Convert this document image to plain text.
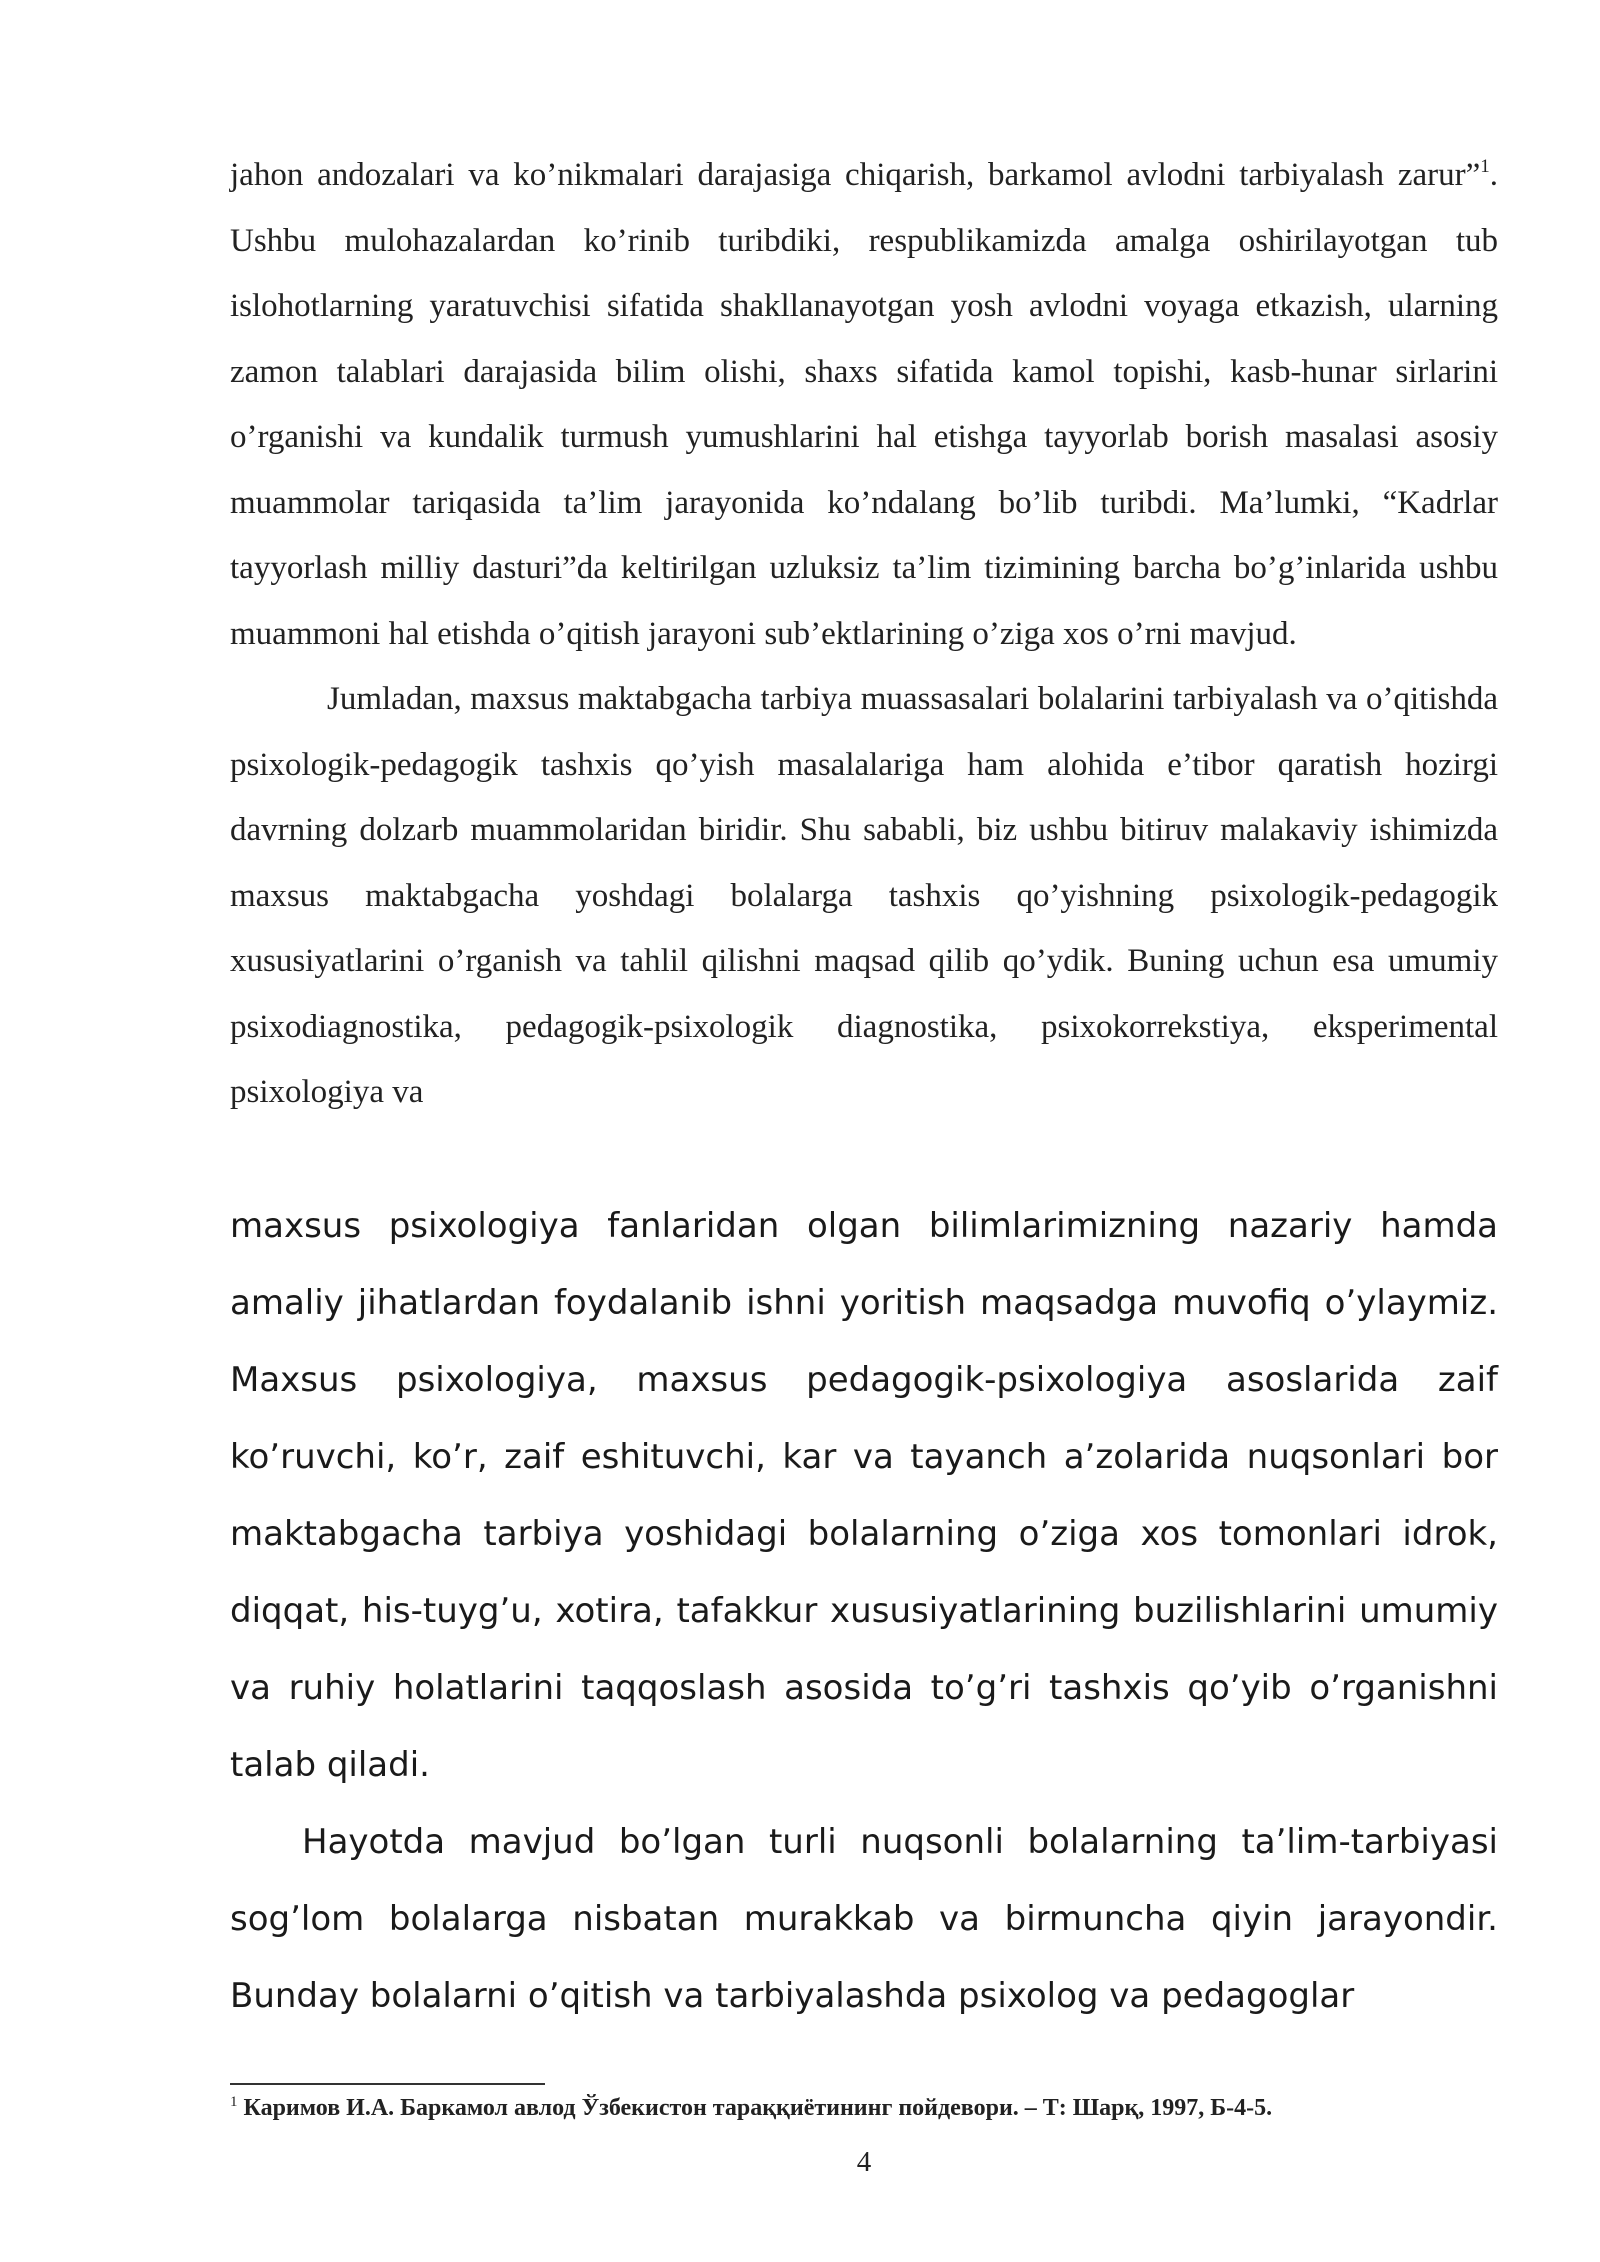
jahon andozalari va ko’nikmalari darajasiga chiqarish, barkamol avlodni tarbiyalash zarur”$^1$. Ushbu mulohazalardan ko’rinib turibdiki, respublikamizda amalga oshirilayotgan tub islohotlarning yaratuvchisi sifatida shakllanayotgan yosh avlodni voyaga etkazish, ularning zamon talablari darajasida bilim olishi, shaxs sifatida kamol topishi, kasb-hunar sirlarini o’rganishi va kundalik turmush yumushlarini hal etishga tayyorlab borish masalasi asosiy muammolar tariqasida ta’lim jarayonida ko’ndalang bo’lib turibdi. Ma’lumki, “Kadrlar tayyorlash milliy dasturi”da keltirilgan uzluksiz ta’lim tizimining barcha bo’g’inlarida ushbu muammoni hal etishda o’qitish jarayoni sub’ektlarining o’ziga xos o’rni mavjud.

Jumladan, maxsus maktabgacha tarbiya muassasalari bolalarini tarbiyalash va o’qitishda psixologik-pedagogik tashxis qo’yish masalalariga ham alohida e’tibor qaratish hozirgi davrning dolzarb muammolaridan biridir. Shu sababli, biz ushbu bitiruv malakaviy ishimizda maxsus maktabgacha yoshdagi bolalarga tashxis qo’yishning psixologik-pedagogik xususiyatlarini o’rganish va tahlil qilishni maqsad qilib qo’ydik. Buning uchun esa umumiy psixodiagnostika, pedagogik-psixologik diagnostika, psixokorrekstiya, eksperimental psixologiya va

maxsus psixologiya fanlaridan olgan bilimlarimizning nazariy hamda amaliy jihatlardan foydalanib ishni yoritish maqsadga muvofiq o’ylaymiz. Maxsus psixologiya, maxsus pedagogik-psixologiya asoslarida zaif ko’ruvchi, ko’r, zaif eshituvchi, kar va tayanch a’zolarida nuqsonlari bor maktabgacha tarbiya yoshidagi bolalarning o’ziga xos tomonlari idrok, diqqat, his-tuyg’u, xotira, tafakkur xususiyatlarining buzilishlarini umumiy va ruhiy holatlarini taqqoslash asosida to’g’ri tashxis qo’yib o’rganishni talab qiladi.

Hayotda mavjud bo’lgan turli nuqsonli bolalarning ta’lim-tarbiyasi sog’lom bolalarga nisbatan murakkab va birmuncha qiyin jarayondir. Bunday bolalarni o’qitish va tarbiyalashda psixolog va pedagoglar

$^1$ Каримов И.А. Баркамол авлод Ўзбекистон тараққиётининг пойдевори. – Т: Шарқ, 1997, Б-4-5.
4
